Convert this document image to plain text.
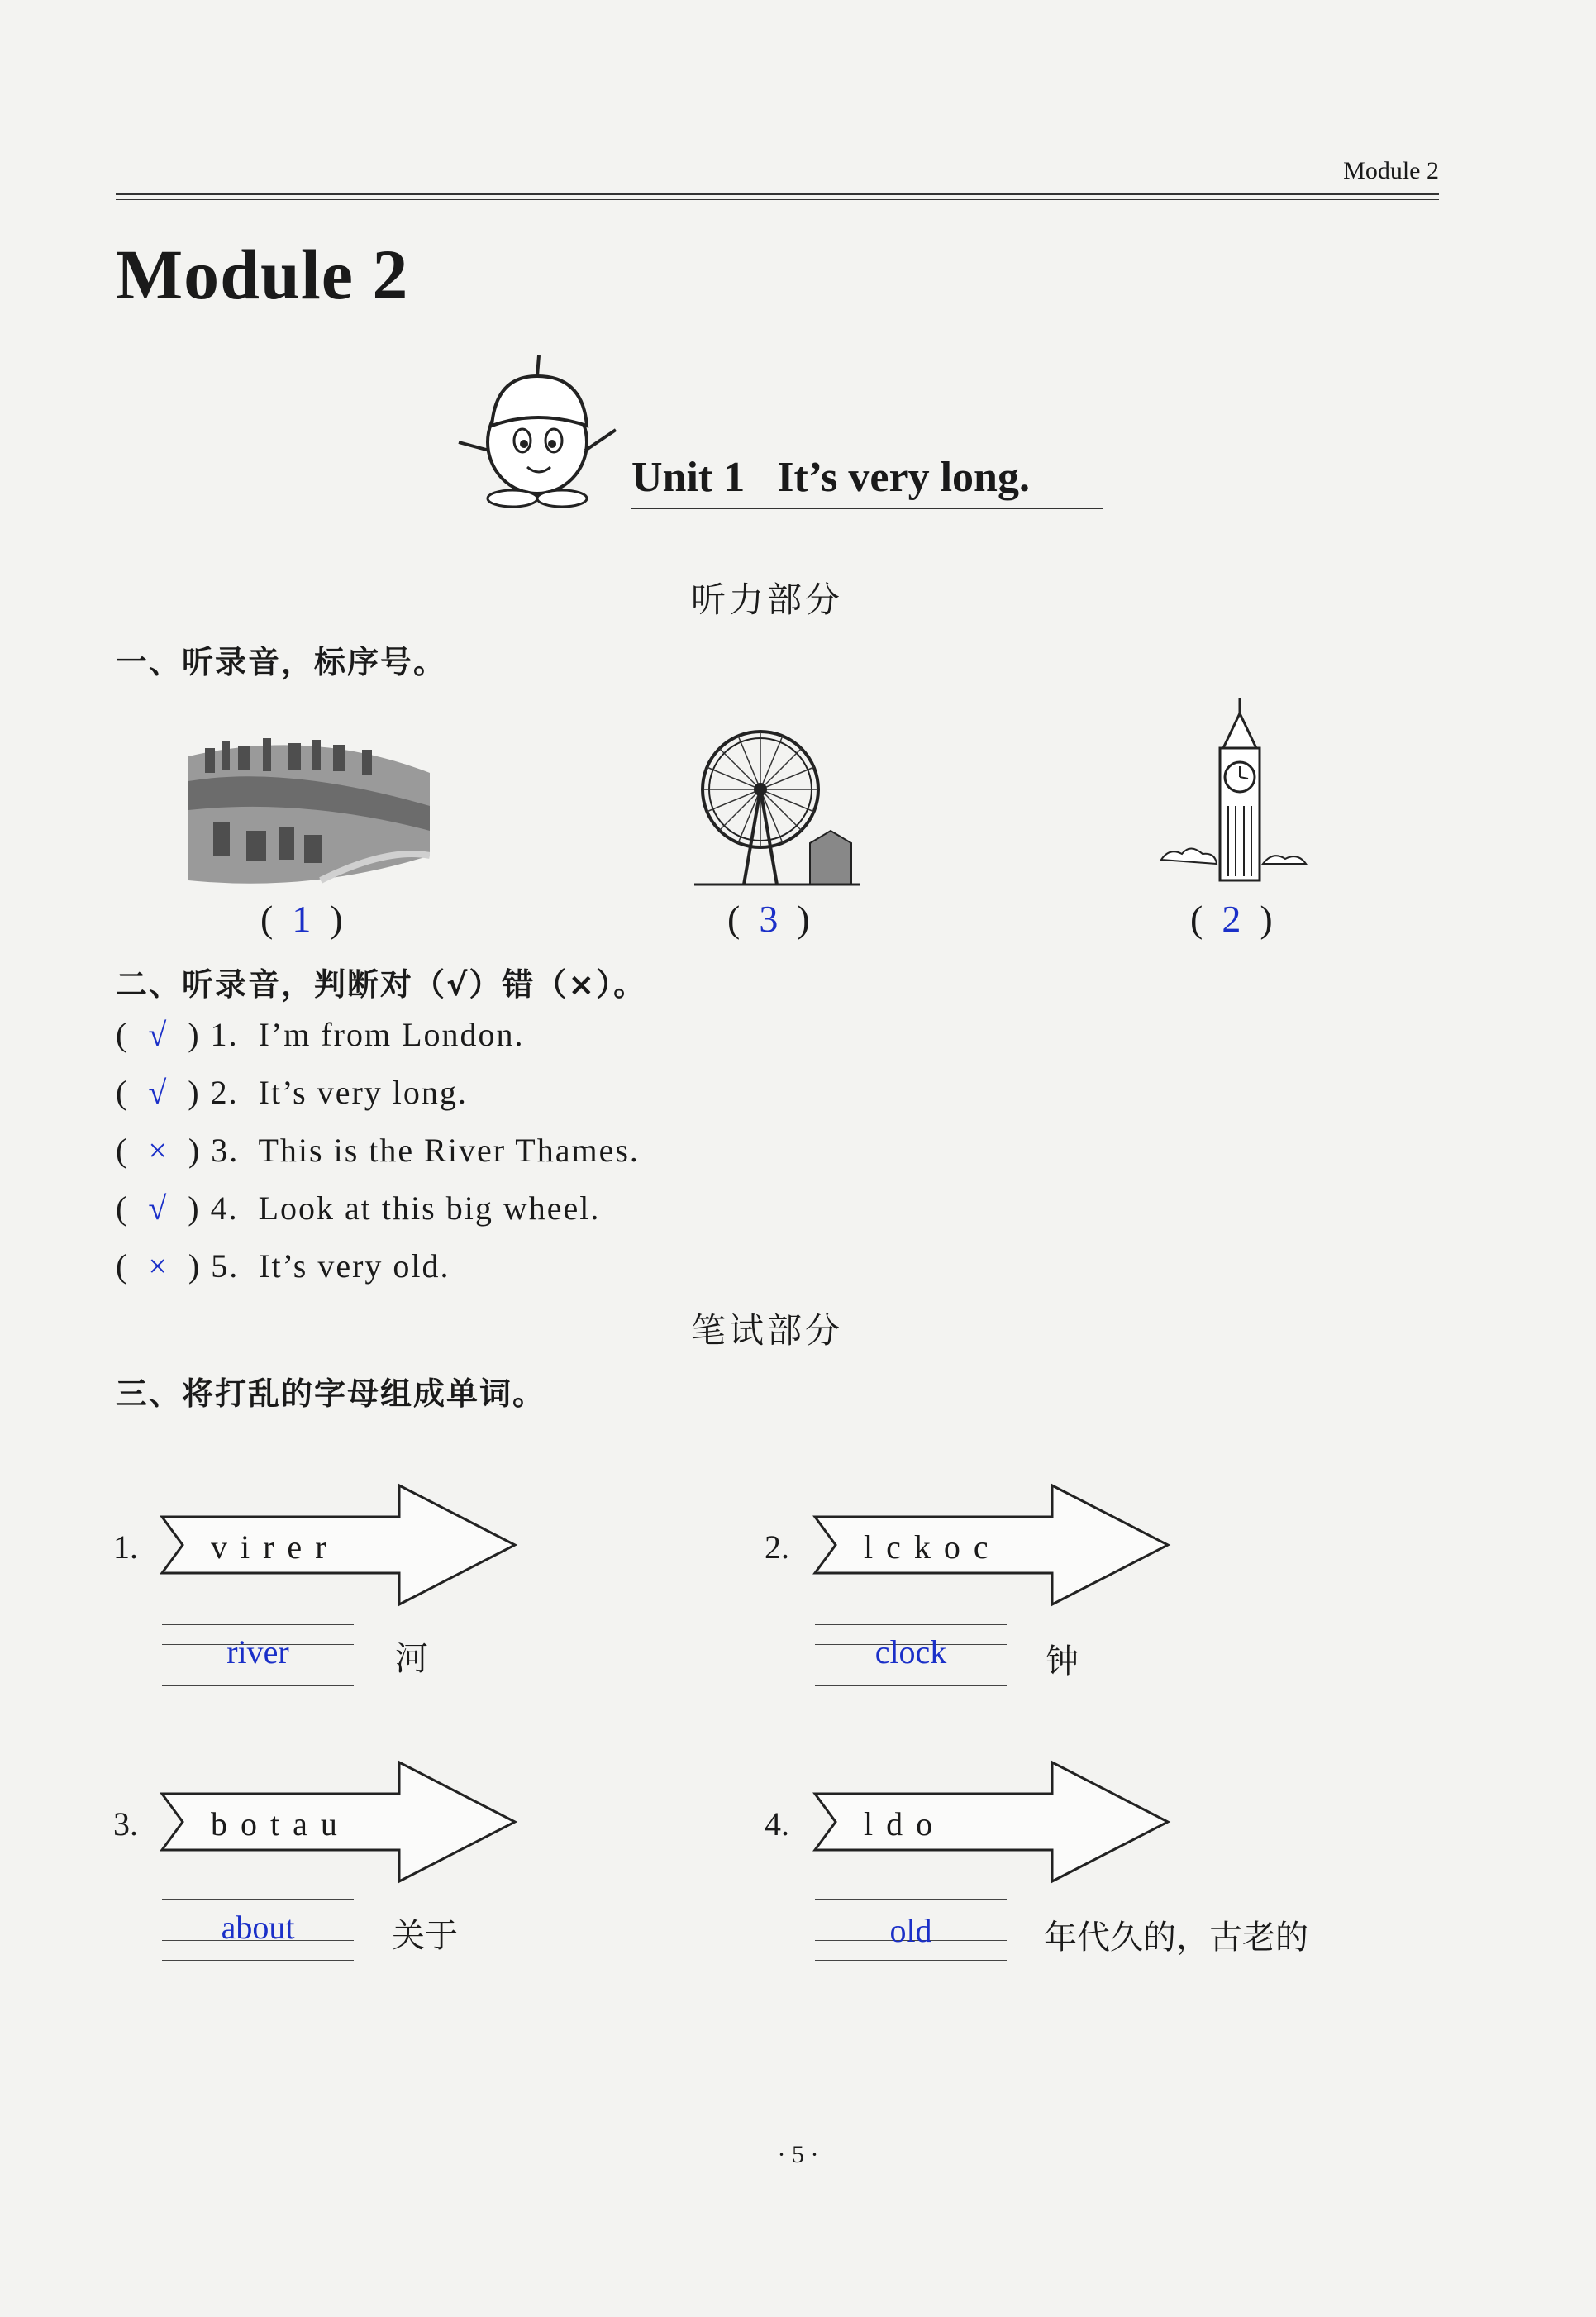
Module 2
Module 2
Unit 1   It’s very long.
听力部分
一、听录音，标序号。
(  1  )	(  3  )	(  2  )
二、听录音，判断对（√）错（×）。
(  √  ) 1.  I’m from London.
(  √  ) 2.  It’s very long.
(  ×  ) 3.  This is the River Thames.
(  √  ) 4.  Look at this big wheel.
(  ×  ) 5.  It’s very old.
笔试部分
三、将打乱的字母组成单词。
1. virer
river	河
2. lckoc
clock	钟
3. botau
about	关于
4. ldo
old	年代久的，古老的
· 5 ·
